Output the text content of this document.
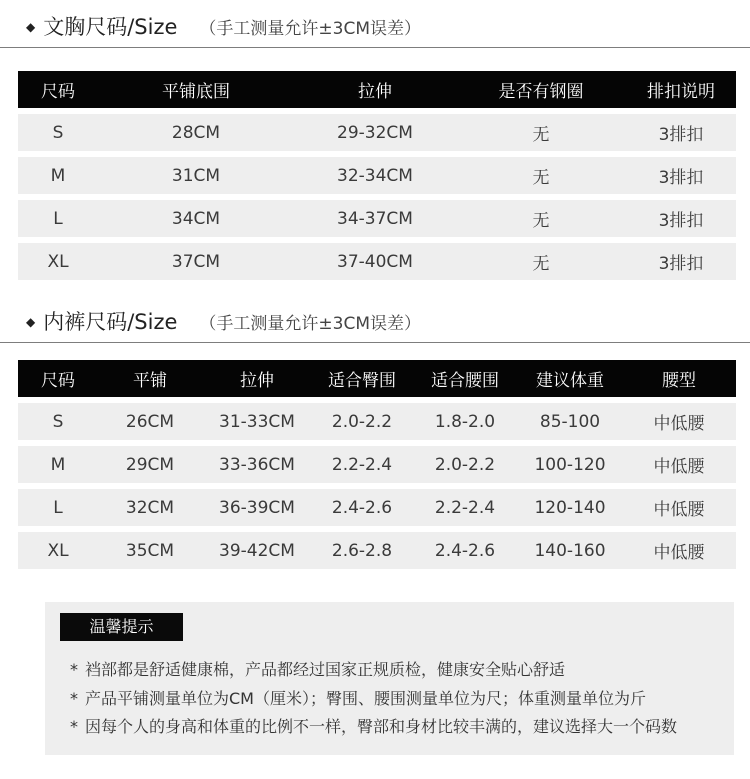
◆ 文胸尺码/Size （手工测量允许±3CM误差）
尺码	平铺底围	拉伸	是否有钢圈	排扣说明
S	28CM	29-32CM	无	3排扣
M	31CM	32-34CM	无	3排扣
L	34CM	34-37CM	无	3排扣
XL	37CM	37-40CM	无	3排扣
◆ 内裤尺码/Size （手工测量允许±3CM误差）
尺码	平铺	拉伸	适合臀围	适合腰围	建议体重	腰型
S	26CM	31-33CM	2.0-2.2	1.8-2.0	85-100	中低腰
M	29CM	33-36CM	2.2-2.4	2.0-2.2	100-120	中低腰
L	32CM	36-39CM	2.4-2.6	2.2-2.4	120-140	中低腰
XL	35CM	39-42CM	2.6-2.8	2.4-2.6	140-160	中低腰
温馨提示
* 裆部都是舒适健康棉，产品都经过国家正规质检，健康安全贴心舒适
* 产品平铺测量单位为CM（厘米）；臀围、腰围测量单位为尺；体重测量单位为斤
* 因每个人的身高和体重的比例不一样，臀部和身材比较丰满的，建议选择大一个码数
